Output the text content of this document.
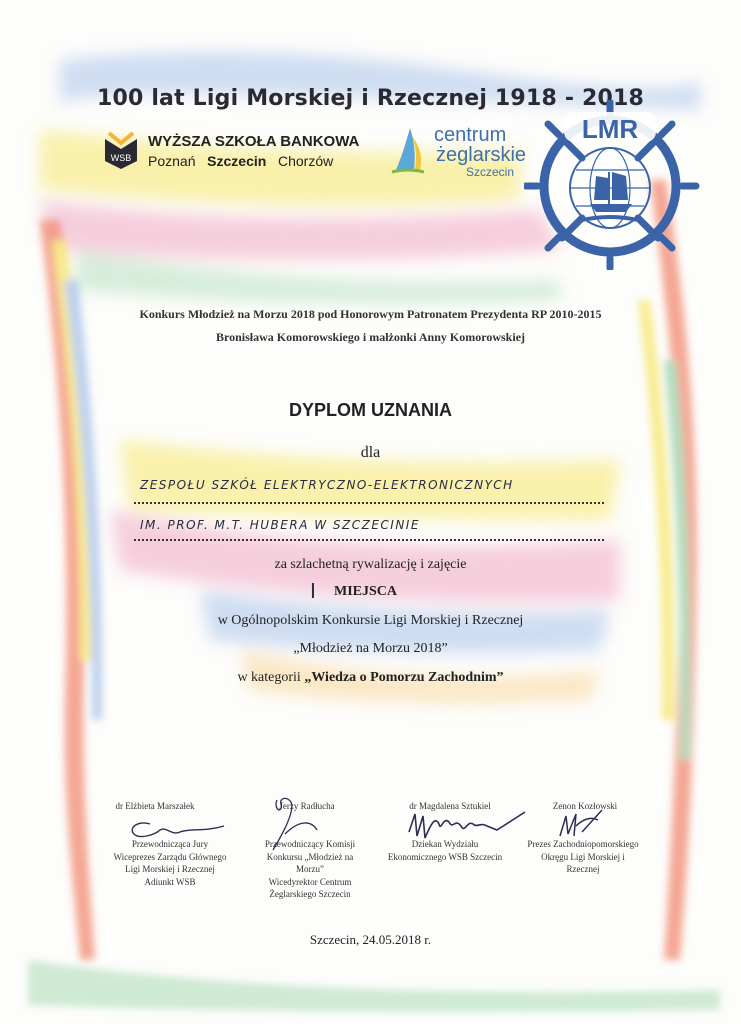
100 lat Ligi Morskiej i Rzecznej 1918 - 2018
WSB
WYŻSZA SZKOŁA BANKOWA
Poznań Szczecin Chorzów
centrum
żeglarskie
Szczecin
LMR
Konkurs Młodzież na Morzu 2018 pod Honorowym Patronatem Prezydenta RP 2010-2015
Bronisława Komorowskiego i małżonki Anny Komorowskiej
DYPLOM UZNANIA
dla
ZESPOŁU SZKÓŁ ELEKTRYCZNO-ELEKTRONICZNYCH
IM. PROF. M.T. HUBERA W SZCZECINIE
za szlachetną rywalizację i zajęcie
I MIEJSCA
w Ogólnopolskim Konkursie Ligi Morskiej i Rzecznej
„Młodzież na Morzu 2018”
w kategorii „Wiedza o Pomorzu Zachodnim”
dr Elżbieta Marszałek
Przewodnicząca Jury
Wiceprezes Zarządu Głównego
Ligi Morskiej i Rzecznej
Adiunkt WSB
Jerzy Radłucha
Przewodniczący Komisji
Konkursu „Młodzież na
Morzu”
Wicedyrektor Centrum
Żeglarskiego Szczecin
dr Magdalena Sztukiel
Dziekan Wydziału
Ekonomicznego WSB Szczecin
Zenon Kozłowski
Prezes Zachodniopomorskiego
Okręgu Ligi Morskiej i
Rzecznej
Szczecin, 24.05.2018 r.
